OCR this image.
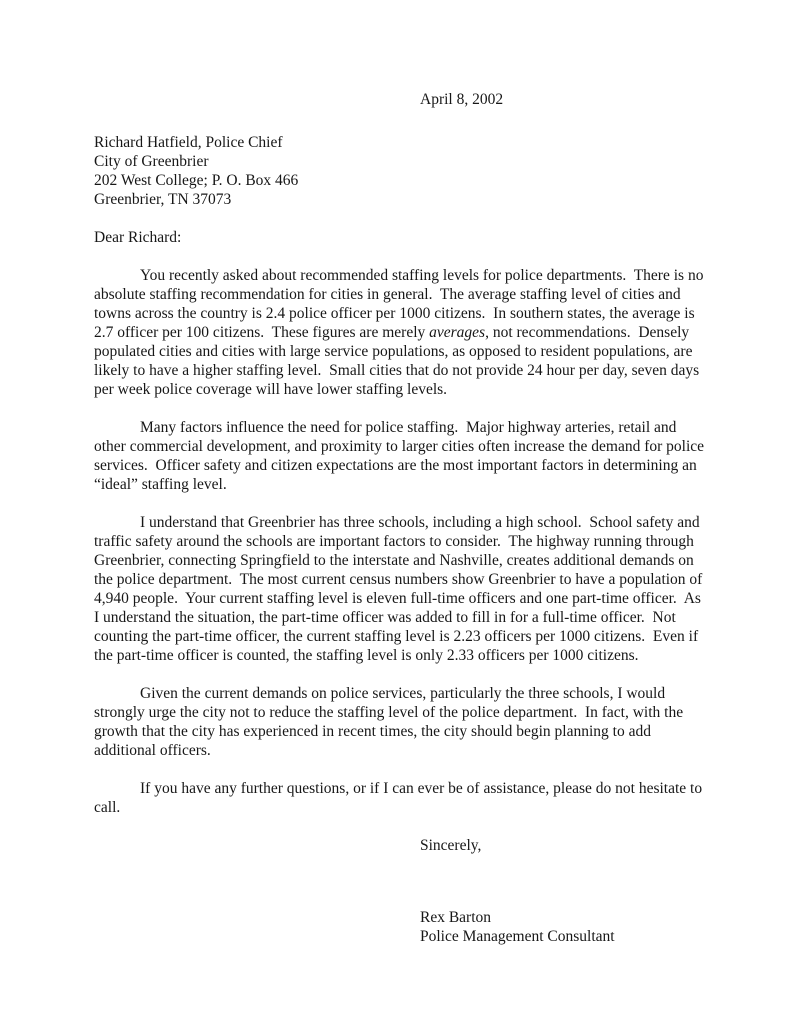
April 8, 2002
Richard Hatfield, Police Chief
City of Greenbrier
202 West College; P. O. Box 466
Greenbrier, TN 37073
Dear Richard:

You recently asked about recommended staffing levels for police departments.  There is no absolute staffing recommendation for cities in general.  The average staffing level of cities and towns across the country is 2.4 police officer per 1000 citizens.  In southern states, the average is 2.7 officer per 100 citizens.  These figures are merely averages, not recommendations.  Densely populated cities and cities with large service populations, as opposed to resident populations, are likely to have a higher staffing level.  Small cities that do not provide 24 hour per day, seven days per week police coverage will have lower staffing levels.

Many factors influence the need for police staffing.  Major highway arteries, retail and other commercial development, and proximity to larger cities often increase the demand for police services.  Officer safety and citizen expectations are the most important factors in determining an “ideal” staffing level.

I understand that Greenbrier has three schools, including a high school.  School safety and traffic safety around the schools are important factors to consider.  The highway running through Greenbrier, connecting Springfield to the interstate and Nashville, creates additional demands on the police department.  The most current census numbers show Greenbrier to have a population of 4,940 people.  Your current staffing level is eleven full-time officers and one part-time officer.  As I understand the situation, the part-time officer was added to fill in for a full-time officer.  Not counting the part-time officer, the current staffing level is 2.23 officers per 1000 citizens.  Even if the part-time officer is counted, the staffing level is only 2.33 officers per 1000 citizens.

Given the current demands on police services, particularly the three schools, I would strongly urge the city not to reduce the staffing level of the police department.  In fact, with the growth that the city has experienced in recent times, the city should begin planning to add additional officers.

If you have any further questions, or if I can ever be of assistance, please do not hesitate to call.

Sincerely,
Rex Barton
Police Management Consultant
